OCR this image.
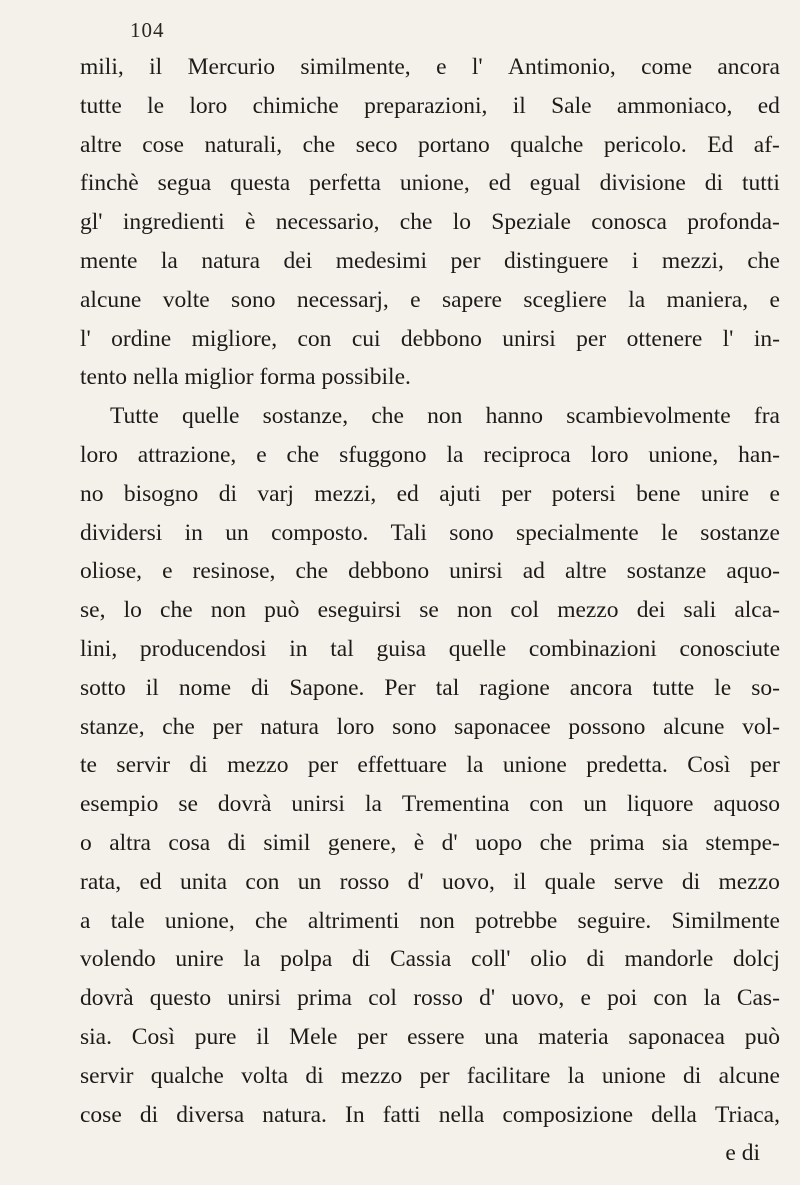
104
mili, il Mercurio similmente, e l' Antimonio, come ancora
tutte le loro chimiche preparazioni, il Sale ammoniaco, ed
altre cose naturali, che seco portano qualche pericolo. Ed af-
finchè segua questa perfetta unione, ed egual divisione di tutti
gl' ingredienti è necessario, che lo Speziale conosca profonda-
mente la natura dei medesimi per distinguere i mezzi, che
alcune volte sono necessarj, e sapere scegliere la maniera, e
l' ordine migliore, con cui debbono unirsi per ottenere l' in-
tento nella miglior forma possibile.
Tutte quelle sostanze, che non hanno scambievolmente fra
loro attrazione, e che sfuggono la reciproca loro unione, han-
no bisogno di varj mezzi, ed ajuti per potersi bene unire e
dividersi in un composto. Tali sono specialmente le sostanze
oliose, e resinose, che debbono unirsi ad altre sostanze aquo-
se, lo che non può eseguirsi se non col mezzo dei sali alca-
lini, producendosi in tal guisa quelle combinazioni conosciute
sotto il nome di Sapone. Per tal ragione ancora tutte le so-
stanze, che per natura loro sono saponacee possono alcune vol-
te servir di mezzo per effettuare la unione predetta. Così per
esempio se dovrà unirsi la Trementina con un liquore aquoso
o altra cosa di simil genere, è d' uopo che prima sia stempe-
rata, ed unita con un rosso d' uovo, il quale serve di mezzo
a tale unione, che altrimenti non potrebbe seguire. Similmente
volendo unire la polpa di Cassia coll' olio di mandorle dolcj
dovrà questo unirsi prima col rosso d' uovo, e poi con la Cas-
sia. Così pure il Mele per essere una materia saponacea può
servir qualche volta di mezzo per facilitare la unione di alcune
cose di diversa natura. In fatti nella composizione della Triaca,
e di
